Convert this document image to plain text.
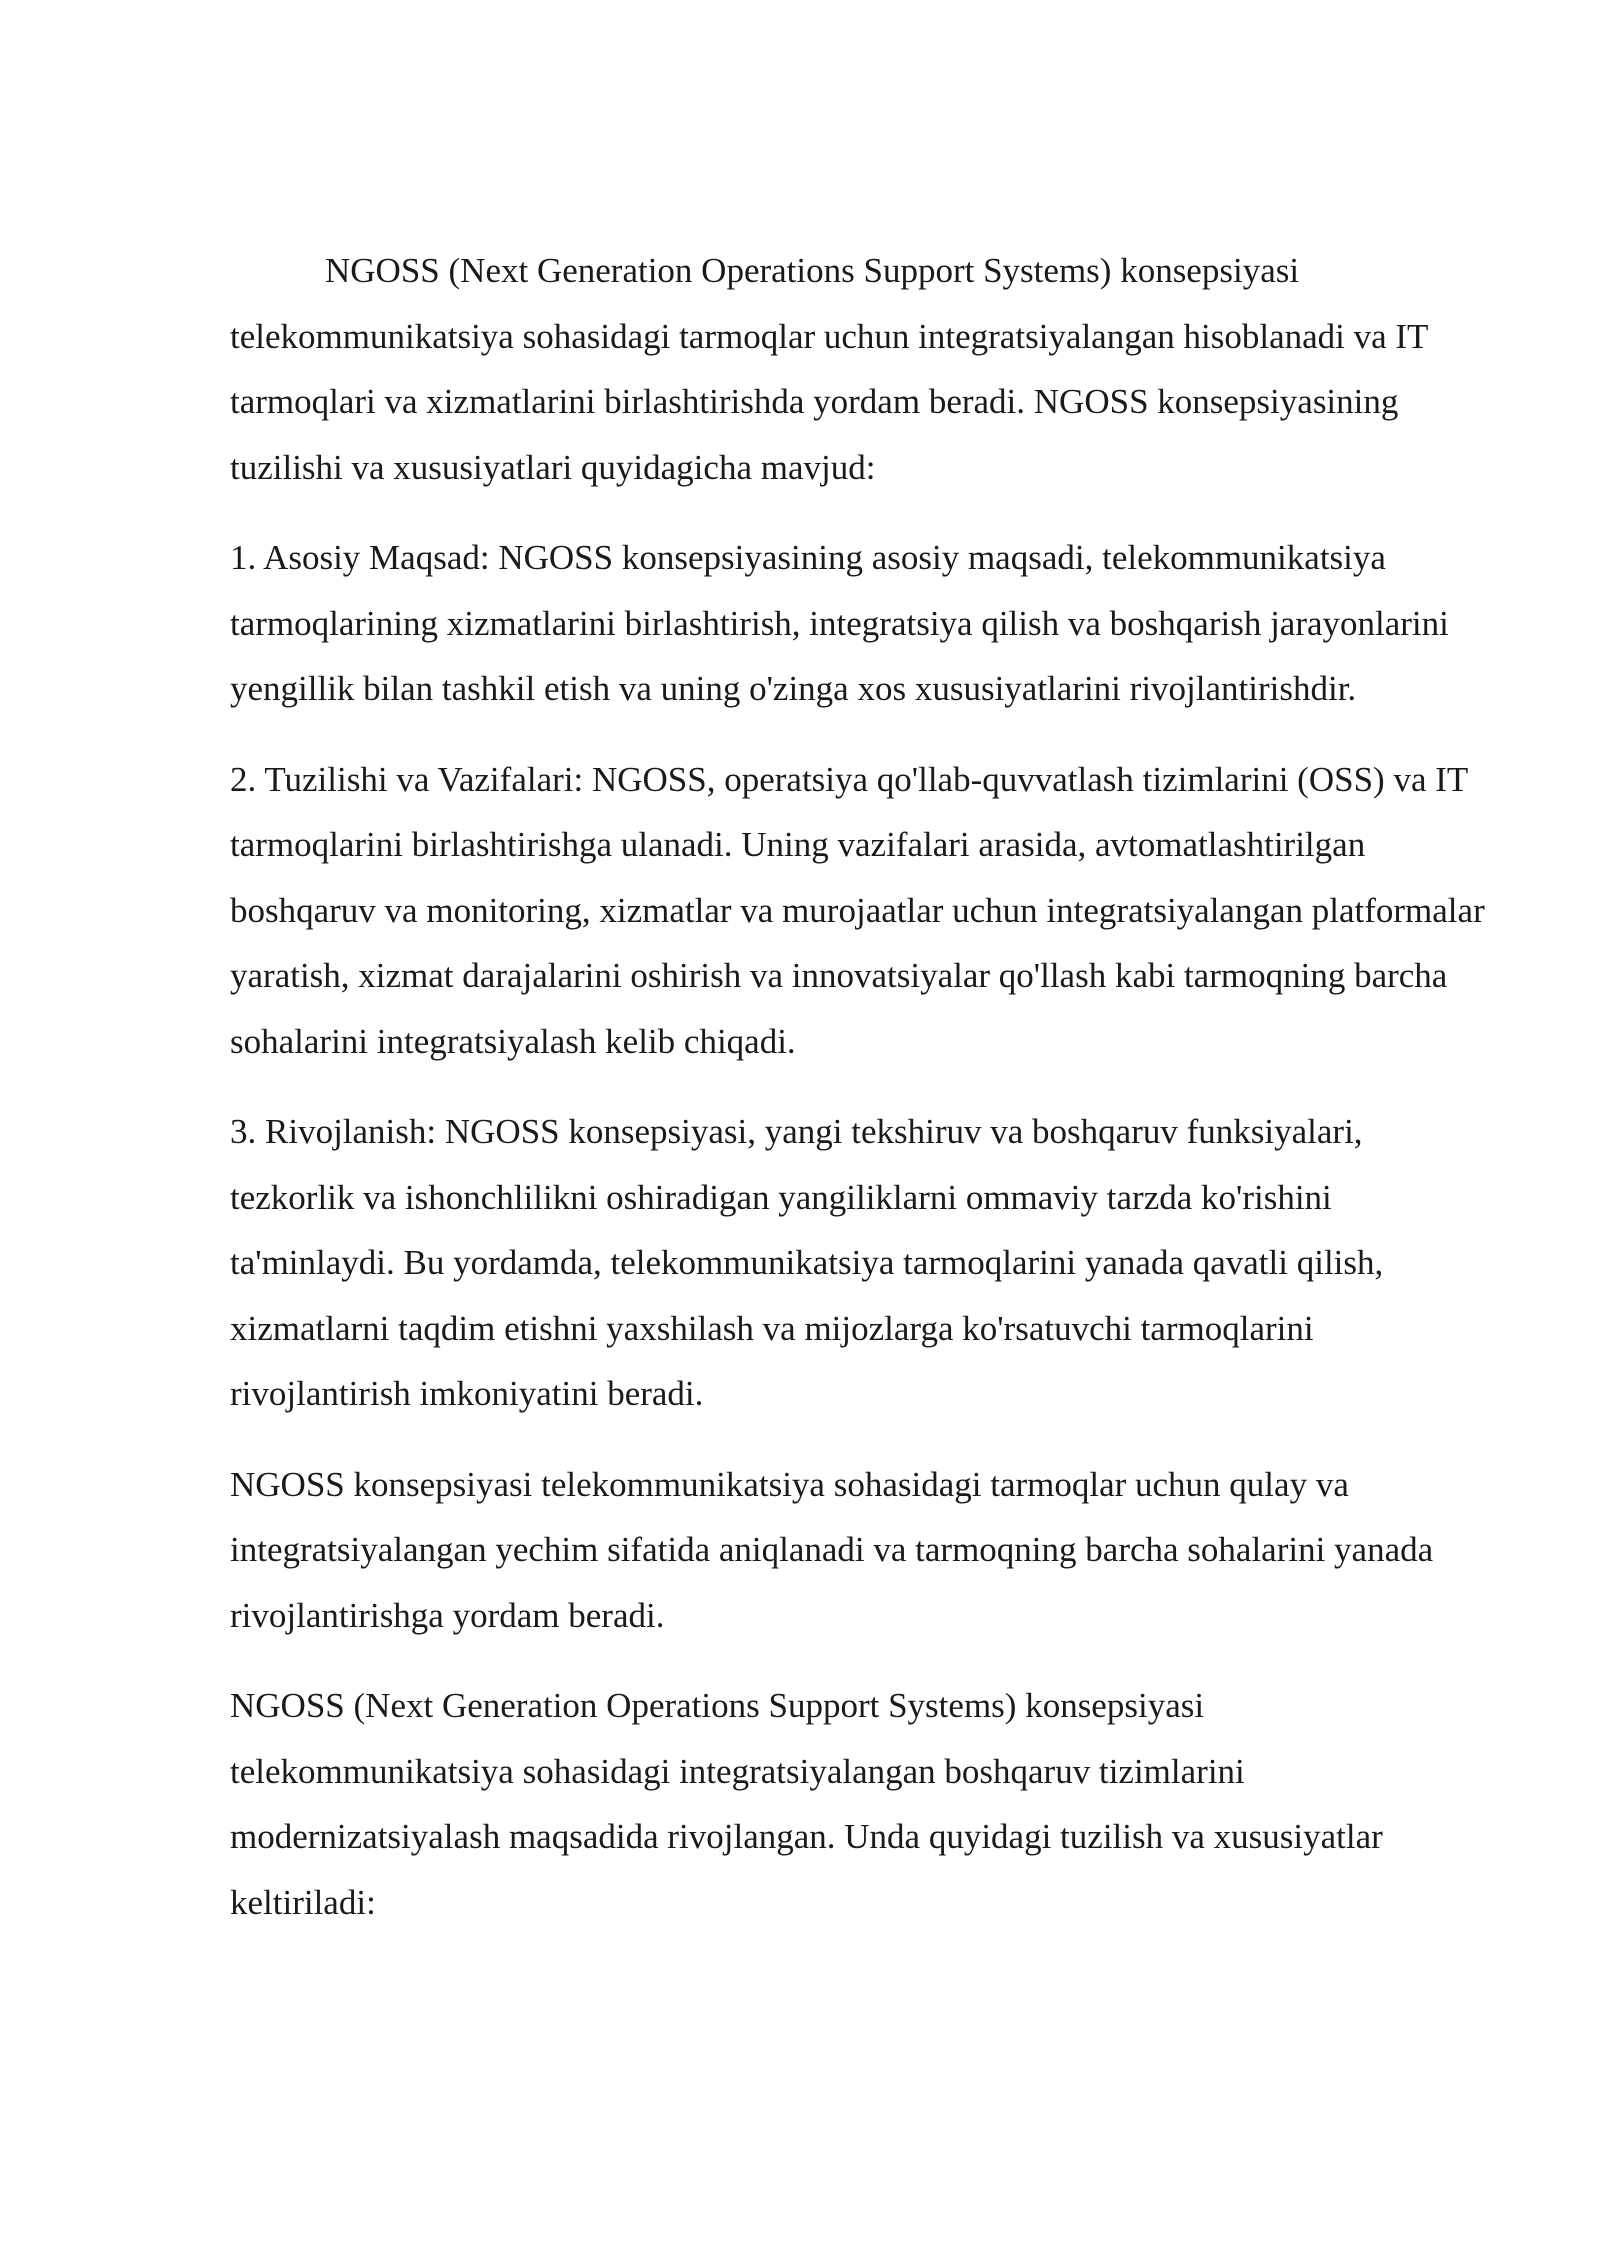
NGOSS (Next Generation Operations Support Systems) konsepsiyasi telekommunikatsiya sohasidagi tarmoqlar uchun integratsiyalangan hisoblanadi va IT tarmoqlari va xizmatlarini birlashtirishda yordam beradi. NGOSS konsepsiyasining tuzilishi va xususiyatlari quyidagicha mavjud:

1. Asosiy Maqsad: NGOSS konsepsiyasining asosiy maqsadi, telekommunikatsiya tarmoqlarining xizmatlarini birlashtirish, integratsiya qilish va boshqarish jarayonlarini yengillik bilan tashkil etish va uning o'zinga xos xususiyatlarini rivojlantirishdir.

2. Tuzilishi va Vazifalari: NGOSS, operatsiya qo'llab-quvvatlash tizimlarini (OSS) va IT tarmoqlarini birlashtirishga ulanadi. Uning vazifalari arasida, avtomatlashtirilgan boshqaruv va monitoring, xizmatlar va murojaatlar uchun integratsiyalangan platformalar yaratish, xizmat darajalarini oshirish va innovatsiyalar qo'llash kabi tarmoqning barcha sohalarini integratsiyalash kelib chiqadi.

3. Rivojlanish: NGOSS konsepsiyasi, yangi tekshiruv va boshqaruv funksiyalari, tezkorlik va ishonchlilikni oshiradigan yangiliklarni ommaviy tarzda ko'rishini ta'minlaydi. Bu yordamda, telekommunikatsiya tarmoqlarini yanada qavatli qilish, xizmatlarni taqdim etishni yaxshilash va mijozlarga ko'rsatuvchi tarmoqlarini rivojlantirish imkoniyatini beradi.

NGOSS konsepsiyasi telekommunikatsiya sohasidagi tarmoqlar uchun qulay va integratsiyalangan yechim sifatida aniqlanadi va tarmoqning barcha sohalarini yanada rivojlantirishga yordam beradi.

NGOSS (Next Generation Operations Support Systems) konsepsiyasi telekommunikatsiya sohasidagi integratsiyalangan boshqaruv tizimlarini modernizatsiyalash maqsadida rivojlangan. Unda quyidagi tuzilish va xususiyatlar keltiriladi:
